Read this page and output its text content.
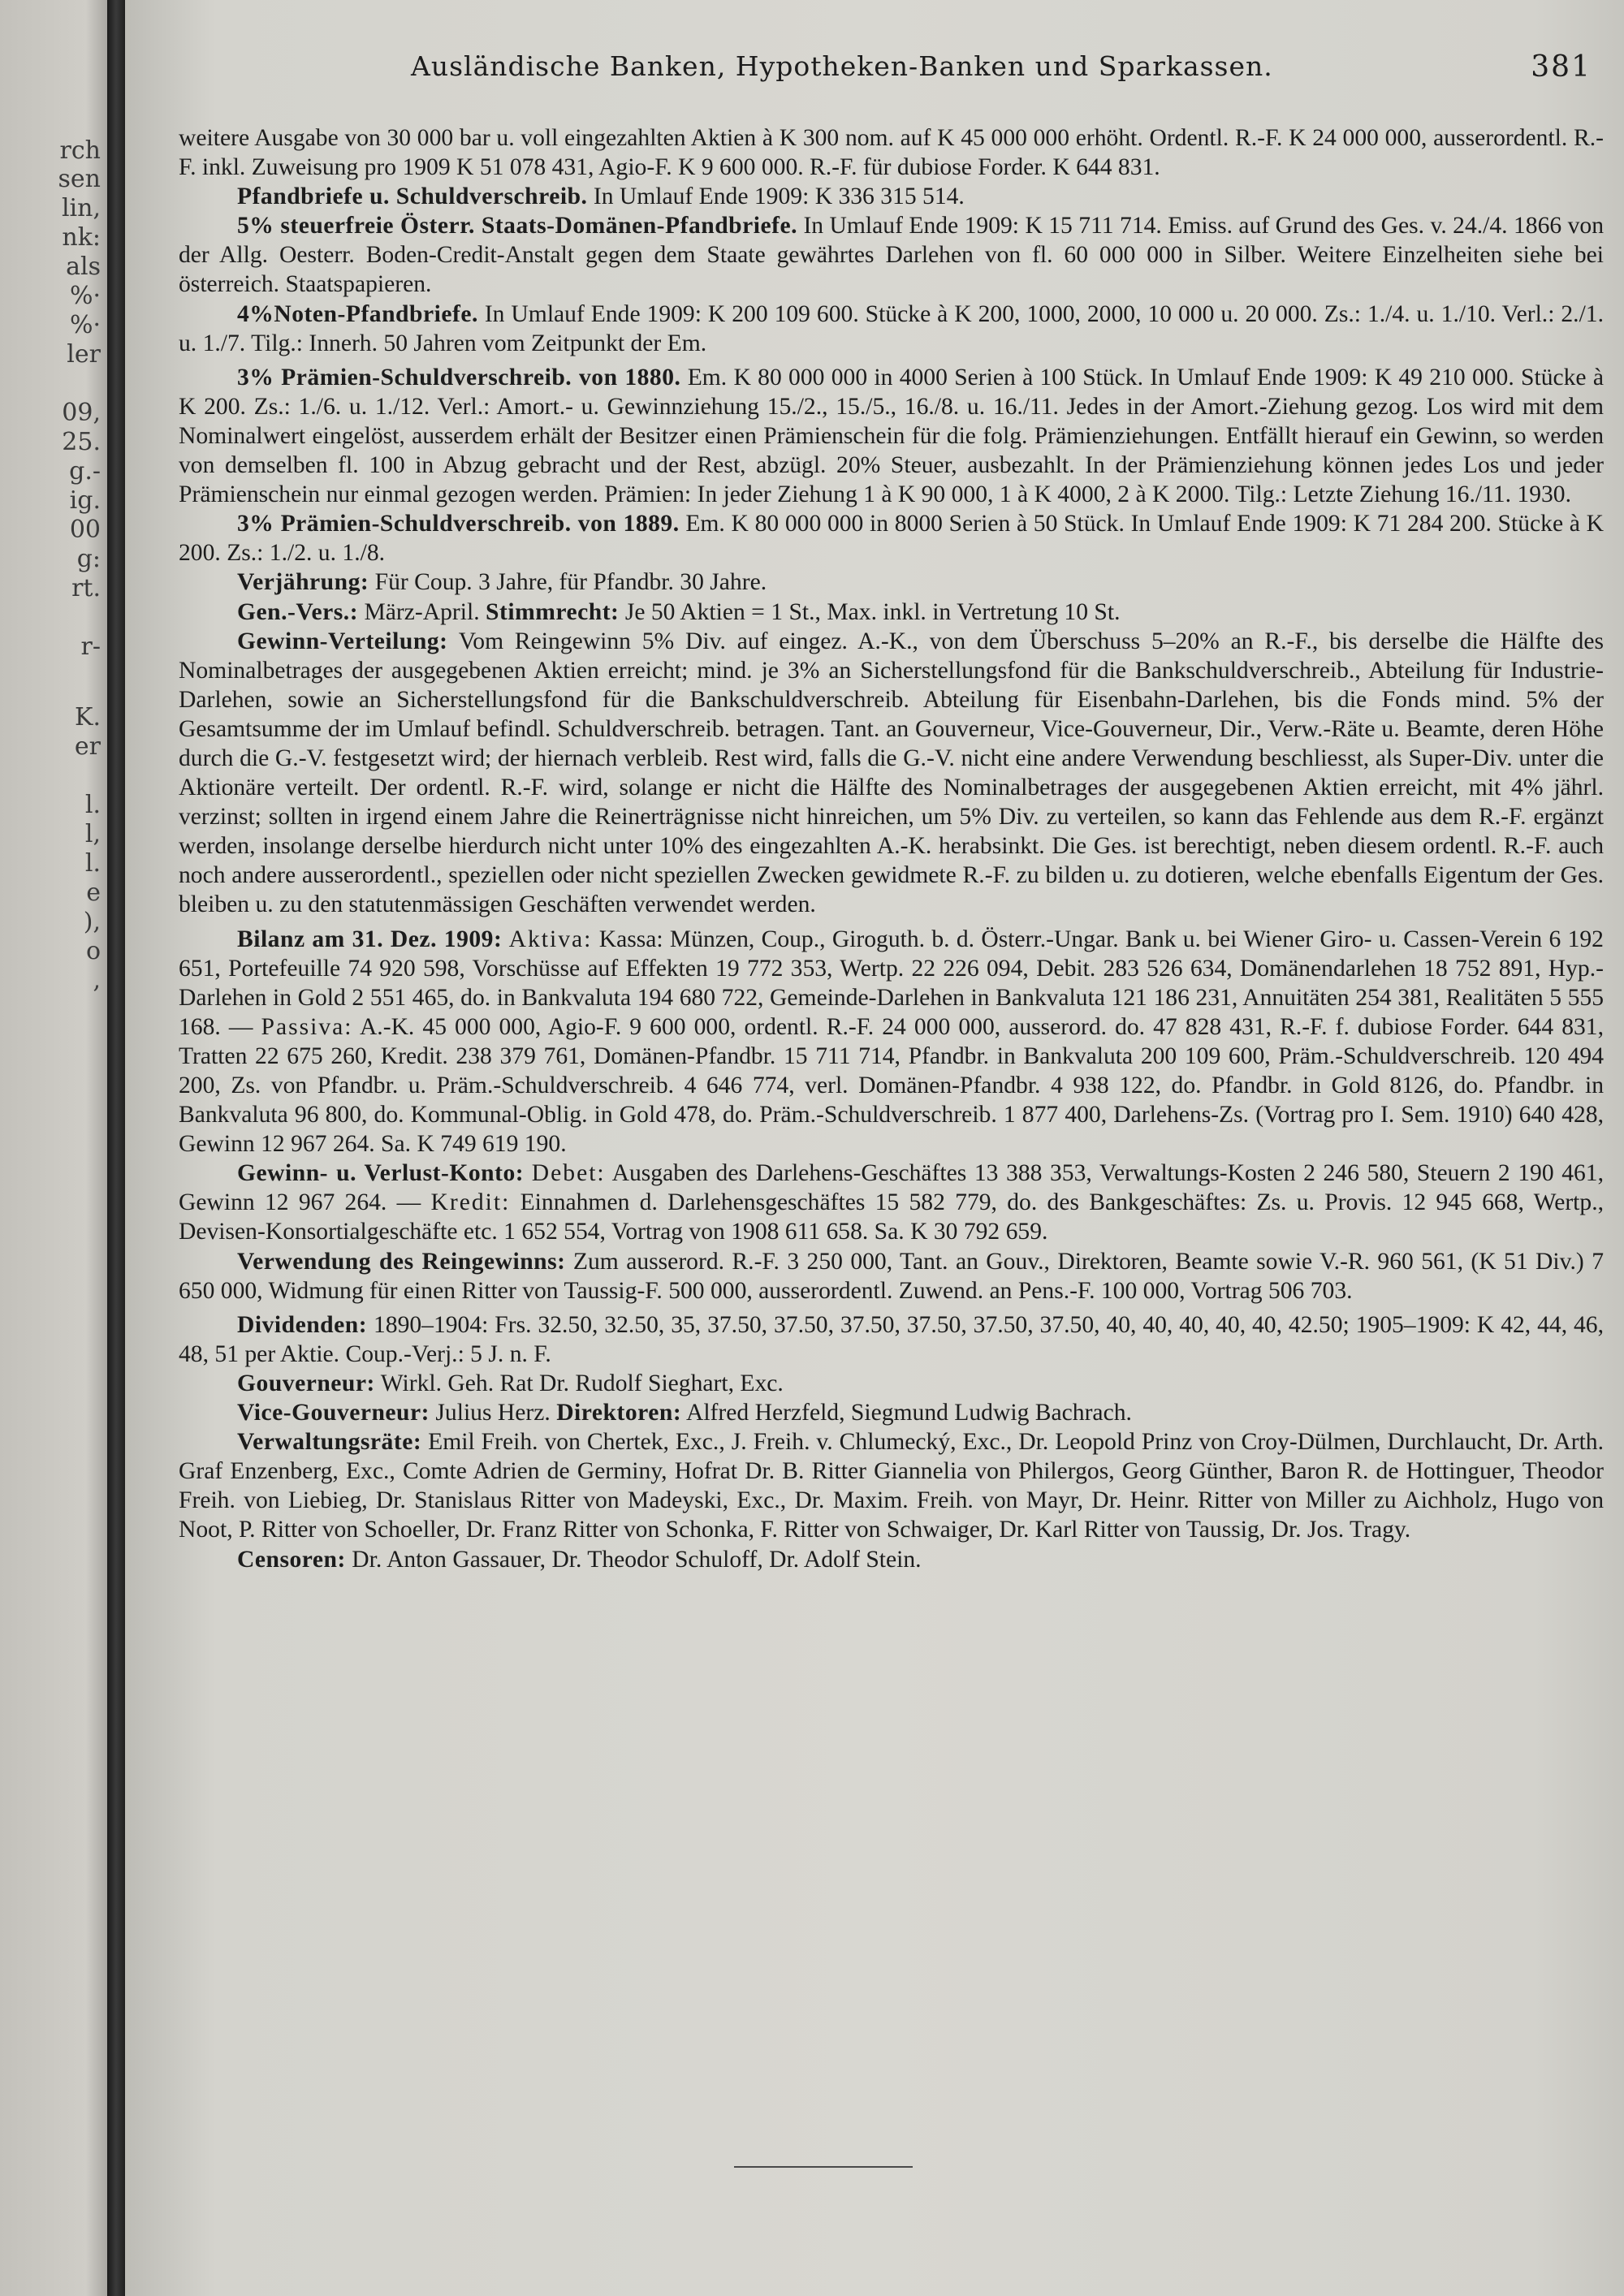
rch
sen
lin,
nk:
als
%·
%·
ler
09,
25.
g.-
ig.
00
g:
rt.
r-
K.
er
l.
l,
l.
e
),
o
,
Ausländische Banken, Hypotheken-Banken und Sparkassen.	381

weitere Ausgabe von 30 000 bar u. voll eingezahlten Aktien à K 300 nom. auf K 45 000 000 erhöht. Ordentl. R.-F. K 24 000 000, ausserordentl. R.-F. inkl. Zuweisung pro 1909 K 51 078 431, Agio-F. K 9 600 000. R.-F. für dubiose Forder. K 644 831.

Pfandbriefe u. Schuldverschreib. In Umlauf Ende 1909: K 336 315 514.

5% steuerfreie Österr. Staats-Domänen-Pfandbriefe. In Umlauf Ende 1909: K 15 711 714. Emiss. auf Grund des Ges. v. 24./4. 1866 von der Allg. Oesterr. Boden-Credit-Anstalt gegen dem Staate gewährtes Darlehen von fl. 60 000 000 in Silber. Weitere Einzelheiten siehe bei österreich. Staatspapieren.

4%Noten-Pfandbriefe. In Umlauf Ende 1909: K 200 109 600. Stücke à K 200, 1000, 2000, 10 000 u. 20 000. Zs.: 1./4. u. 1./10. Verl.: 2./1. u. 1./7. Tilg.: Innerh. 50 Jahren vom Zeitpunkt der Em.

3% Prämien-Schuldverschreib. von 1880. Em. K 80 000 000 in 4000 Serien à 100 Stück. In Umlauf Ende 1909: K 49 210 000. Stücke à K 200. Zs.: 1./6. u. 1./12. Verl.: Amort.- u. Gewinnziehung 15./2., 15./5., 16./8. u. 16./11. Jedes in der Amort.-Ziehung gezog. Los wird mit dem Nominalwert eingelöst, ausserdem erhält der Besitzer einen Prämienschein für die folg. Prämienziehungen. Entfällt hierauf ein Gewinn, so werden von demselben fl. 100 in Abzug gebracht und der Rest, abzügl. 20% Steuer, ausbezahlt. In der Prämienziehung können jedes Los und jeder Prämienschein nur einmal gezogen werden. Prämien: In jeder Ziehung 1 à K 90 000, 1 à K 4000, 2 à K 2000. Tilg.: Letzte Ziehung 16./11. 1930.

3% Prämien-Schuldverschreib. von 1889. Em. K 80 000 000 in 8000 Serien à 50 Stück. In Umlauf Ende 1909: K 71 284 200. Stücke à K 200. Zs.: 1./2. u. 1./8.

Verjährung: Für Coup. 3 Jahre, für Pfandbr. 30 Jahre.

Gen.-Vers.: März-April. Stimmrecht: Je 50 Aktien = 1 St., Max. inkl. in Vertretung 10 St.

Gewinn-Verteilung: Vom Reingewinn 5% Div. auf eingez. A.-K., von dem Überschuss 5–20% an R.-F., bis derselbe die Hälfte des Nominalbetrages der ausgegebenen Aktien erreicht; mind. je 3% an Sicherstellungsfond für die Bankschuldverschreib., Abteilung für Industrie-Darlehen, sowie an Sicherstellungsfond für die Bankschuldverschreib. Abteilung für Eisenbahn-Darlehen, bis die Fonds mind. 5% der Gesamtsumme der im Umlauf befindl. Schuldverschreib. betragen. Tant. an Gouverneur, Vice-Gouverneur, Dir., Verw.-Räte u. Beamte, deren Höhe durch die G.-V. festgesetzt wird; der hiernach verbleib. Rest wird, falls die G.-V. nicht eine andere Verwendung beschliesst, als Super-Div. unter die Aktionäre verteilt. Der ordentl. R.-F. wird, solange er nicht die Hälfte des Nominalbetrages der ausgegebenen Aktien erreicht, mit 4% jährl. verzinst; sollten in irgend einem Jahre die Reinerträgnisse nicht hinreichen, um 5% Div. zu verteilen, so kann das Fehlende aus dem R.-F. ergänzt werden, insolange derselbe hierdurch nicht unter 10% des eingezahlten A.-K. herabsinkt. Die Ges. ist berechtigt, neben diesem ordentl. R.-F. auch noch andere ausserordentl., speziellen oder nicht speziellen Zwecken gewidmete R.-F. zu bilden u. zu dotieren, welche ebenfalls Eigentum der Ges. bleiben u. zu den statutenmässigen Geschäften verwendet werden.

Bilanz am 31. Dez. 1909: Aktiva: Kassa: Münzen, Coup., Giroguth. b. d. Österr.-Ungar. Bank u. bei Wiener Giro- u. Cassen-Verein 6 192 651, Portefeuille 74 920 598, Vorschüsse auf Effekten 19 772 353, Wertp. 22 226 094, Debit. 283 526 634, Domänendarlehen 18 752 891, Hyp.-Darlehen in Gold 2 551 465, do. in Bankvaluta 194 680 722, Gemeinde-Darlehen in Bankvaluta 121 186 231, Annuitäten 254 381, Realitäten 5 555 168. — Passiva: A.-K. 45 000 000, Agio-F. 9 600 000, ordentl. R.-F. 24 000 000, ausserord. do. 47 828 431, R.-F. f. dubiose Forder. 644 831, Tratten 22 675 260, Kredit. 238 379 761, Domänen-Pfandbr. 15 711 714, Pfandbr. in Bankvaluta 200 109 600, Präm.-Schuldverschreib. 120 494 200, Zs. von Pfandbr. u. Präm.-Schuldverschreib. 4 646 774, verl. Domänen-Pfandbr. 4 938 122, do. Pfandbr. in Gold 8126, do. Pfandbr. in Bankvaluta 96 800, do. Kommunal-Oblig. in Gold 478, do. Präm.-Schuldverschreib. 1 877 400, Darlehens-Zs. (Vortrag pro I. Sem. 1910) 640 428, Gewinn 12 967 264. Sa. K 749 619 190.

Gewinn- u. Verlust-Konto: Debet: Ausgaben des Darlehens-Geschäftes 13 388 353, Verwaltungs-Kosten 2 246 580, Steuern 2 190 461, Gewinn 12 967 264. — Kredit: Einnahmen d. Darlehensgeschäftes 15 582 779, do. des Bankgeschäftes: Zs. u. Provis. 12 945 668, Wertp., Devisen-Konsortialgeschäfte etc. 1 652 554, Vortrag von 1908 611 658. Sa. K 30 792 659.

Verwendung des Reingewinns: Zum ausserord. R.-F. 3 250 000, Tant. an Gouv., Direktoren, Beamte sowie V.-R. 960 561, (K 51 Div.) 7 650 000, Widmung für einen Ritter von Taussig-F. 500 000, ausserordentl. Zuwend. an Pens.-F. 100 000, Vortrag 506 703.

Dividenden: 1890–1904: Frs. 32.50, 32.50, 35, 37.50, 37.50, 37.50, 37.50, 37.50, 37.50, 40, 40, 40, 40, 40, 42.50; 1905–1909: K 42, 44, 46, 48, 51 per Aktie. Coup.-Verj.: 5 J. n. F.

Gouverneur: Wirkl. Geh. Rat Dr. Rudolf Sieghart, Exc.

Vice-Gouverneur: Julius Herz. Direktoren: Alfred Herzfeld, Siegmund Ludwig Bachrach.

Verwaltungsräte: Emil Freih. von Chertek, Exc., J. Freih. v. Chlumecký, Exc., Dr. Leopold Prinz von Croy-Dülmen, Durchlaucht, Dr. Arth. Graf Enzenberg, Exc., Comte Adrien de Germiny, Hofrat Dr. B. Ritter Giannelia von Philergos, Georg Günther, Baron R. de Hottinguer, Theodor Freih. von Liebieg, Dr. Stanislaus Ritter von Madeyski, Exc., Dr. Maxim. Freih. von Mayr, Dr. Heinr. Ritter von Miller zu Aichholz, Hugo von Noot, P. Ritter von Schoeller, Dr. Franz Ritter von Schonka, F. Ritter von Schwaiger, Dr. Karl Ritter von Taussig, Dr. Jos. Tragy.

Censoren: Dr. Anton Gassauer, Dr. Theodor Schuloff, Dr. Adolf Stein.
